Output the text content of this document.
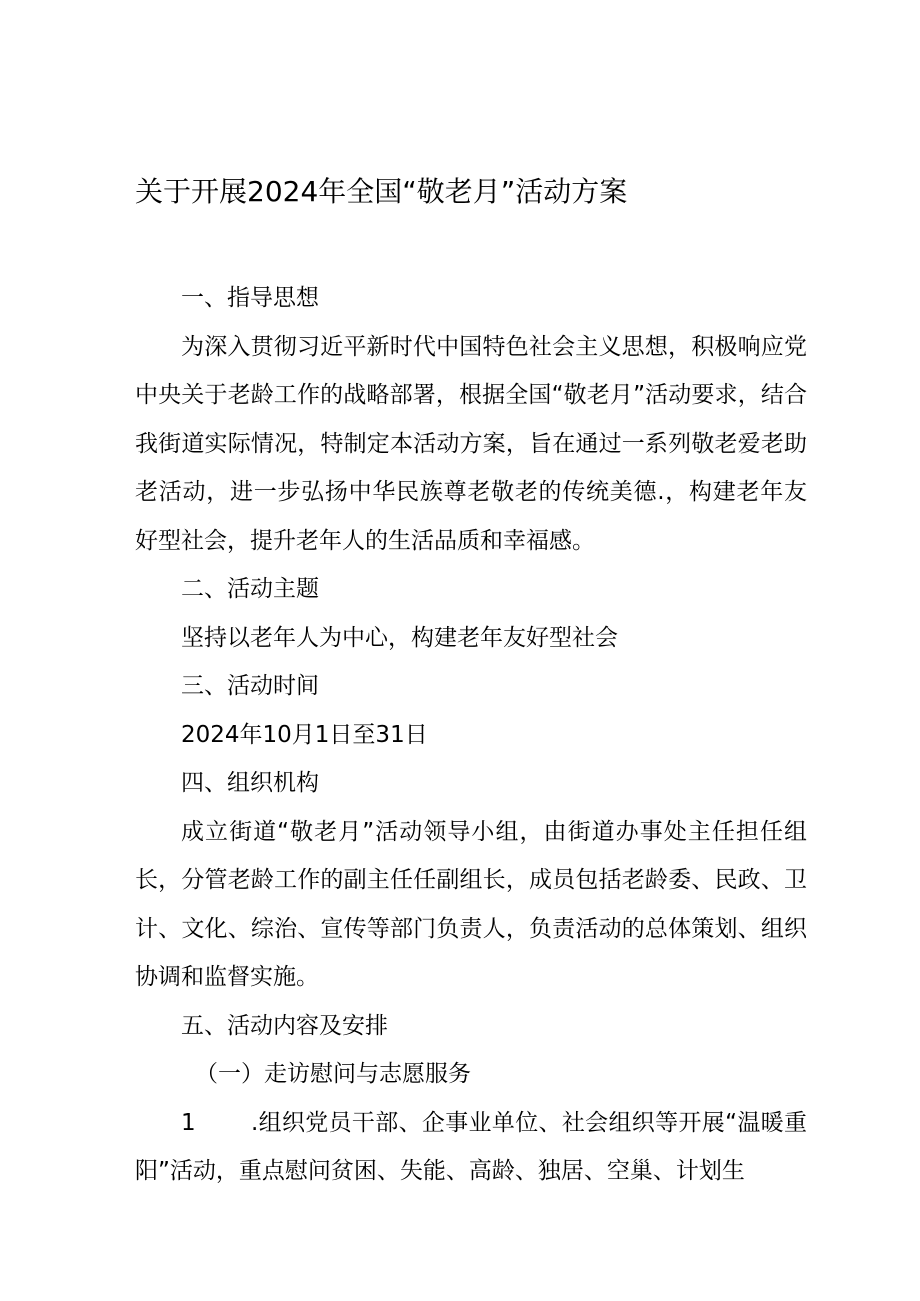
关于开展2024年全国“敬老月”活动方案

一、指导思想

为深入贯彻习近平新时代中国特色社会主义思想，积极响应党中央关于老龄工作的战略部署，根据全国“敬老月”活动要求，结合我街道实际情况，特制定本活动方案，旨在通过一系列敬老爱老助老活动，进一步弘扬中华民族尊老敬老的传统美德.，构建老年友好型社会，提升老年人的生活品质和幸福感。

二、活动主题

坚持以老年人为中心，构建老年友好型社会

三、活动时间

2024年10月1日至31日

四、组织机构

成立街道“敬老月”活动领导小组，由街道办事处主任担任组长，分管老龄工作的副主任任副组长，成员包括老龄委、民政、卫计、文化、综治、宣传等部门负责人，负责活动的总体策划、组织协调和监督实施。

五、活动内容及安排

（一）走访慰问与志愿服务

1 .组织党员干部、企事业单位、社会组织等开展“温暖重阳”活动，重点慰问贫困、失能、高龄、独居、空巢、计划生
